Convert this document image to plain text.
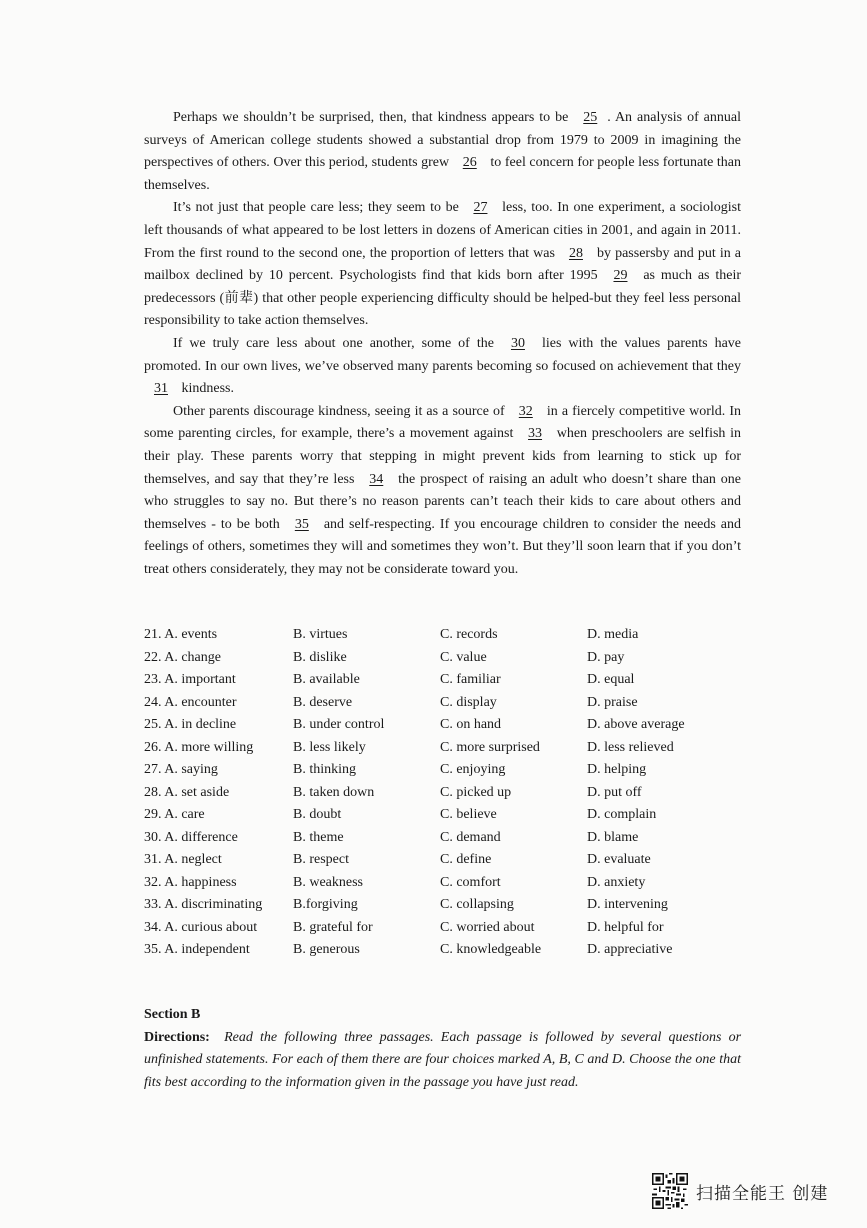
Perhaps we shouldn’t be surprised, then, that kindness appears to be 25 . An analysis of annual surveys of American college students showed a substantial drop from 1979 to 2009 in imagining the perspectives of others. Over this period, students grew 26 to feel concern for people less fortunate than themselves.

It’s not just that people care less; they seem to be 27 less, too. In one experiment, a sociologist left thousands of what appeared to be lost letters in dozens of American cities in 2001, and again in 2011. From the first round to the second one, the proportion of letters that was 28 by passersby and put in a mailbox declined by 10 percent. Psychologists find that kids born after 1995 29 as much as their predecessors (前辈) that other people experiencing difficulty should be helped-but they feel less personal responsibility to take action themselves.

If we truly care less about one another, some of the 30 lies with the values parents have promoted. In our own lives, we’ve observed many parents becoming so focused on achievement that they 31 kindness.

Other parents discourage kindness, seeing it as a source of 32 in a fiercely competitive world. In some parenting circles, for example, there’s a movement against 33 when preschoolers are selfish in their play. These parents worry that stepping in might prevent kids from learning to stick up for themselves, and say that they’re less 34 the prospect of raising an adult who doesn’t share than one who struggles to say no. But there’s no reason parents can’t teach their kids to care about others and themselves - to be both 35 and self-respecting. If you encourage children to consider the needs and feelings of others, sometimes they will and sometimes they won’t. But they’ll soon learn that if you don’t treat others considerately, they may not be considerate toward you.

21. A. events	B. virtues	C. records	D. media
22. A. change	B. dislike	C. value	D. pay
23. A. important	B. available	C. familiar	D. equal
24. A. encounter	B. deserve	C. display	D. praise
25. A. in decline	B. under control	C. on hand	D. above average
26. A. more willing	B. less likely	C. more surprised	D. less relieved
27. A. saying	B. thinking	C. enjoying	D. helping
28. A. set aside	B. taken down	C. picked up	D. put off
29. A. care	B. doubt	C. believe	D. complain
30. A. difference	B. theme	C. demand	D. blame
31. A. neglect	B. respect	C. define	D. evaluate
32. A. happiness	B. weakness	C. comfort	D. anxiety
33. A. discriminating B.forgiving	C. collapsing	D. intervening
34. A. curious about	B. grateful for	C. worried about	D. helpful for
35. A. independent	B. generous	C. knowledgeable	D. appreciative

Section B

Directions: Read the following three passages. Each passage is followed by several questions or unfinished statements. For each of them there are four choices marked A, B, C and D. Choose the one that fits best according to the information given in the passage you have just read.

扫描全能王 创建
